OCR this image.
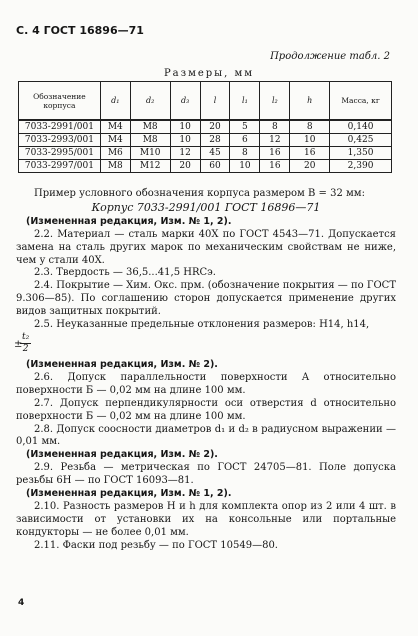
С. 4 ГОСТ 16896—71
Продолжение табл. 2
Размеры, мм
Обозначение корпуса	d₁	d₂	d₃	l	l₁	l₂	h	Масса, кг
7033-2991/001	M4	M8	10	20	5	8	8	0,140
7033-2993/001	M4	M8	10	28	6	12	10	0,425
7033-2995/001	M6	M10	12	45	8	16	16	1,350
7033-2997/001	M8	M12	20	60	10	16	20	2,390

Пример условного обозначения корпуса размером B = 32 мм:

Корпус 7033-2991/001 ГОСТ 16896—71

(Измененная редакция, Изм. № 1, 2).

2.2. Материал — сталь марки 40Х по ГОСТ 4543—71. Допускается замена на сталь других марок по механическим свойствам не ниже, чем у стали 40Х.

2.3. Твердость — 36,5...41,5 HRCэ.

2.4. Покрытие — Хим. Окс. прм. (обозначение покрытия — по ГОСТ 9.306—85). По соглашению сторон допускается применение других видов защитных покрытий.

2.5. Неуказанные предельные отклонения размеров: H14, h14,

±
$\frac{\text{t₂}}{2}$

(Измененная редакция, Изм. № 2).

2.6. Допуск параллельности поверхности A относительно поверхности Б — 0,02 мм на длине 100 мм.

2.7. Допуск перпендикулярности оси отверстия d относительно поверхности Б — 0,02 мм на длине 100 мм.

2.8. Допуск соосности диаметров d₁ и d₂ в радиусном выражении — 0,01 мм.

(Измененная редакция, Изм. № 2).

2.9. Резьба — метрическая по ГОСТ 24705—81. Поле допуска резьбы 6H — по ГОСТ 16093—81.

(Измененная редакция, Изм. № 1, 2).

2.10. Разность размеров H и h для комплекта опор из 2 или 4 шт. в зависимости от установки их на консольные или портальные кондукторы — не более 0,01 мм.

2.11. Фаски под резьбу — по ГОСТ 10549—80.

4
